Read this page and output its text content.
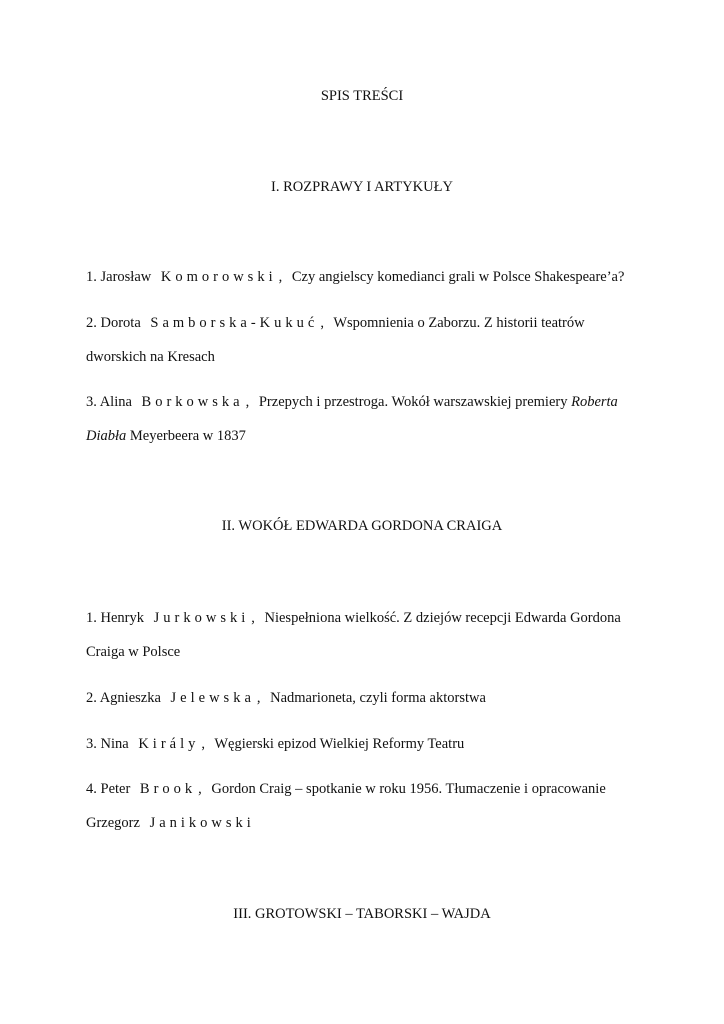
SPIS TREŚCI
I. ROZPRAWY I ARTYKUŁY
1. Jarosław Komorowski , Czy angielscy komedianci grali w Polsce Shakespeare’a?
2. Dorota Samborska-Kukuć , Wspomnienia o Zaborzu. Z historii teatrów
dworskich na Kresach
3. Alina Borkowska , Przepych i przestroga. Wokół warszawskiej premiery Roberta
Diabła Meyerbeera w 1837
II. WOKÓŁ EDWARDA GORDONA CRAIGA
1. Henryk Jurkowski , Niespełniona wielkość. Z dziejów recepcji Edwarda Gordona
Craiga w Polsce
2. Agnieszka Jelewska , Nadmarioneta, czyli forma aktorstwa
3. Nina Király , Węgierski epizod Wielkiej Reformy Teatru
4. Peter Brook , Gordon Craig – spotkanie w roku 1956. Tłumaczenie i opracowanie
Grzegorz Janikowski
III. GROTOWSKI – TABORSKI – WAJDA
